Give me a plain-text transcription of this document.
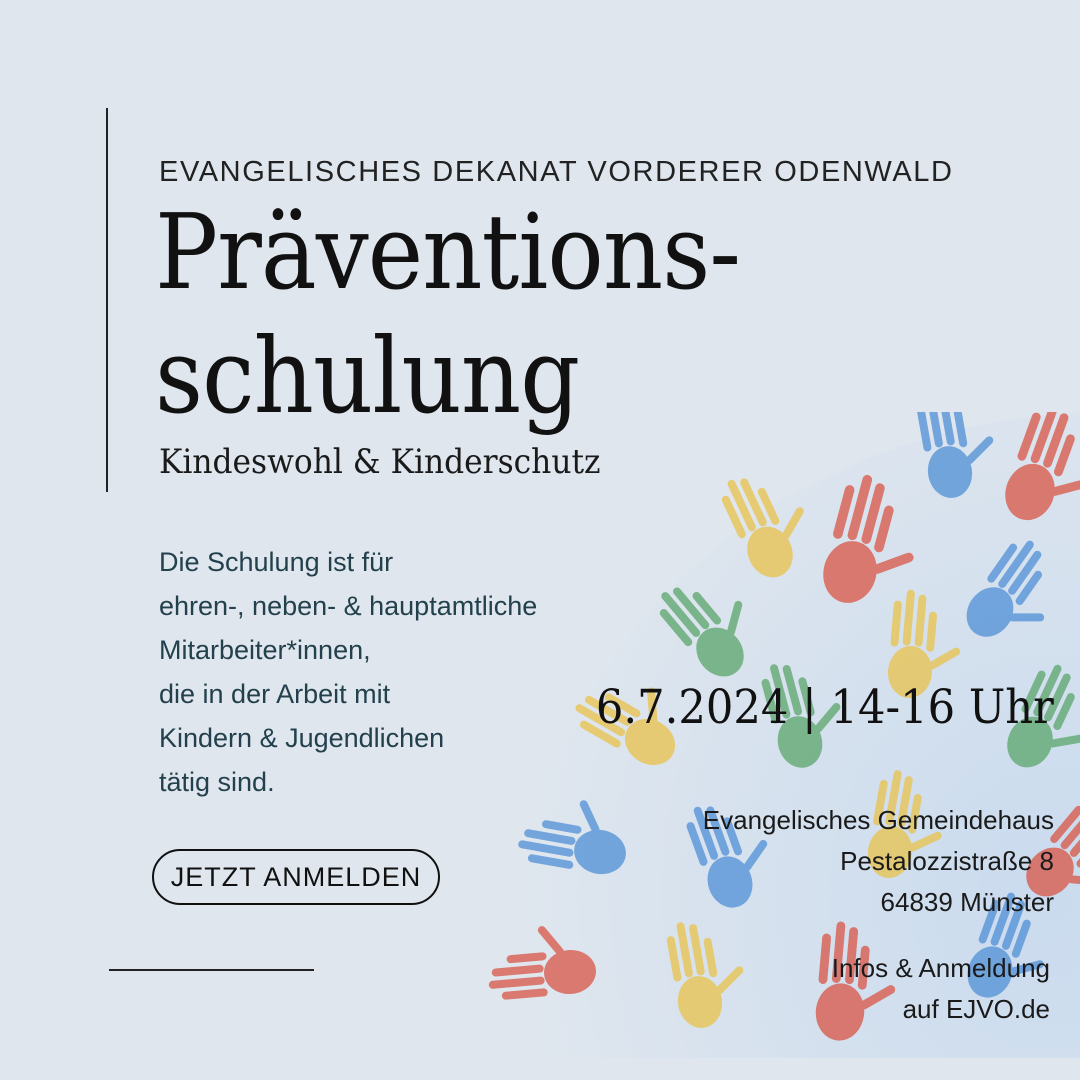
EVANGELISCHES DEKANAT VORDERER ODENWALD
Präventions-
schulung
Kindeswohl & Kinderschutz
Die Schulung ist für
ehren-, neben- & hauptamtliche
Mitarbeiter*innen,
die in der Arbeit mit
Kindern & Jugendlichen
tätig sind.
JETZT ANMELDEN
6.7.2024 | 14-16 Uhr
Evangelisches Gemeindehaus
Pestalozzistraße 8
64839 Münster
Infos & Anmeldung
auf EJVO.de
